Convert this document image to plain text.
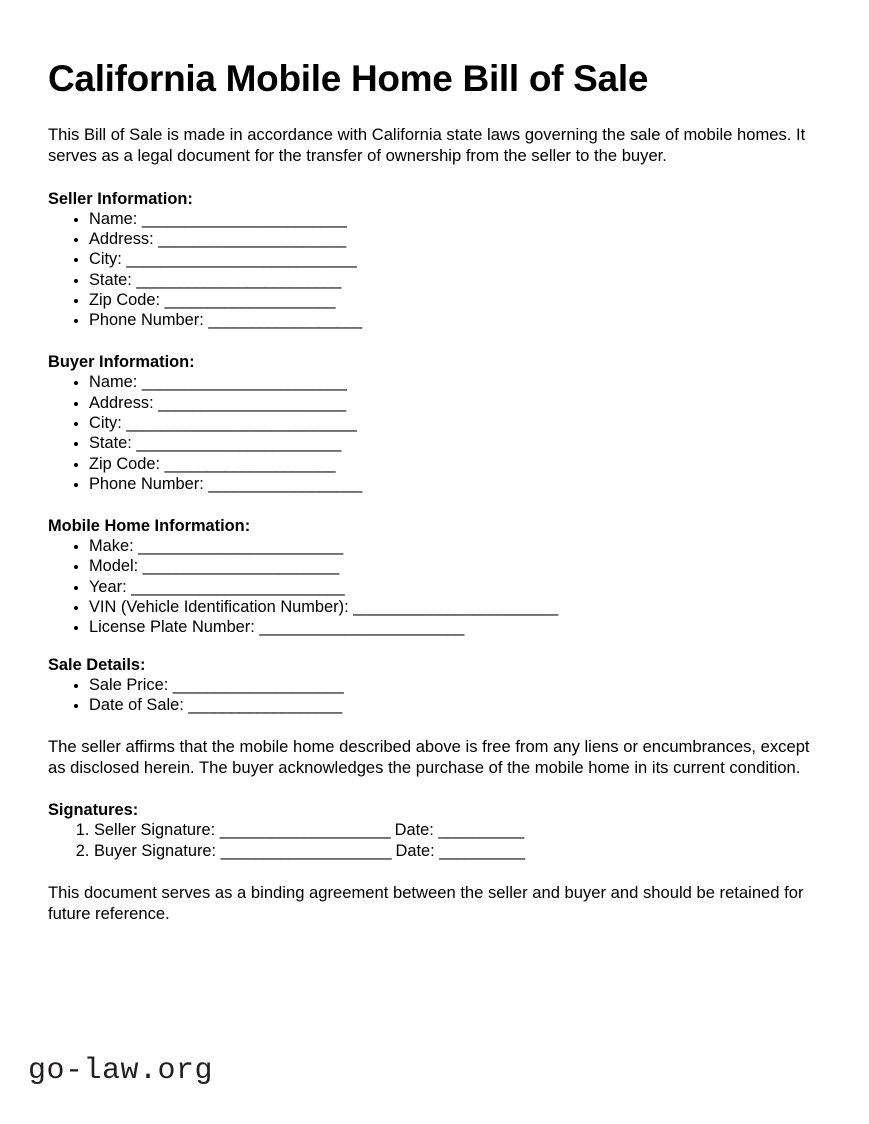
California Mobile Home Bill of Sale

This Bill of Sale is made in accordance with California state laws governing the sale of mobile homes. It serves as a legal document for the transfer of ownership from the seller to the buyer.

Seller Information:
• Name: ________________________
• Address: ______________________
• City: ___________________________
• State: ________________________
• Zip Code: ____________________
• Phone Number: __________________
Buyer Information:
• Name: ________________________
• Address: ______________________
• City: ___________________________
• State: ________________________
• Zip Code: ____________________
• Phone Number: __________________
Mobile Home Information:
• Make: ________________________
• Model: _______________________
• Year: _________________________
• VIN (Vehicle Identification Number): ________________________
• License Plate Number: ________________________
Sale Details:
• Sale Price: ____________________
• Date of Sale: __________________

The seller affirms that the mobile home described above is free from any liens or encumbrances, except as disclosed herein. The buyer acknowledges the purchase of the mobile home in its current condition.

Signatures:
1. Seller Signature: ____________________ Date: __________
2. Buyer Signature: ____________________ Date: __________

This document serves as a binding agreement between the seller and buyer and should be retained for future reference.

go-law.org
